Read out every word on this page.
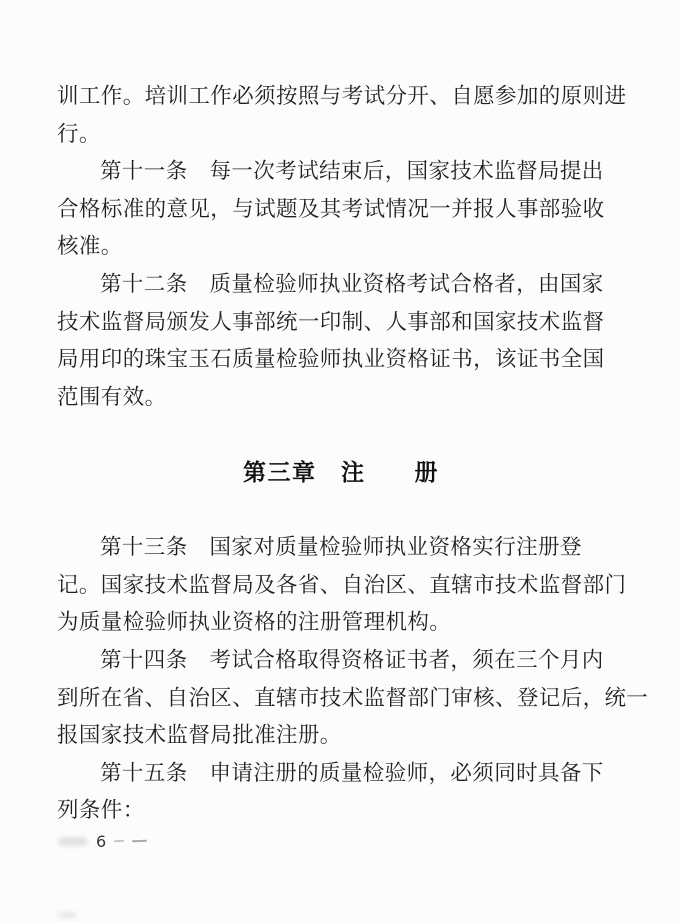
训工作。培训工作必须按照与考试分开、自愿参加的原则进
行。
第十一条　每一次考试结束后，国家技术监督局提出
合格标准的意见，与试题及其考试情况一并报人事部验收
核准。
第十二条　质量检验师执业资格考试合格者，由国家
技术监督局颁发人事部统一印制、人事部和国家技术监督
局用印的珠宝玉石质量检验师执业资格证书，该证书全国
范围有效。
第三章　注　　册
第十三条　国家对质量检验师执业资格实行注册登
记。国家技术监督局及各省、自治区、直辖市技术监督部门
为质量检验师执业资格的注册管理机构。
第十四条　考试合格取得资格证书者，须在三个月内
到所在省、自治区、直辖市技术监督部门审核、登记后，统一
报国家技术监督局批准注册。
第十五条　申请注册的质量检验师，必须同时具备下
列条件：
6
